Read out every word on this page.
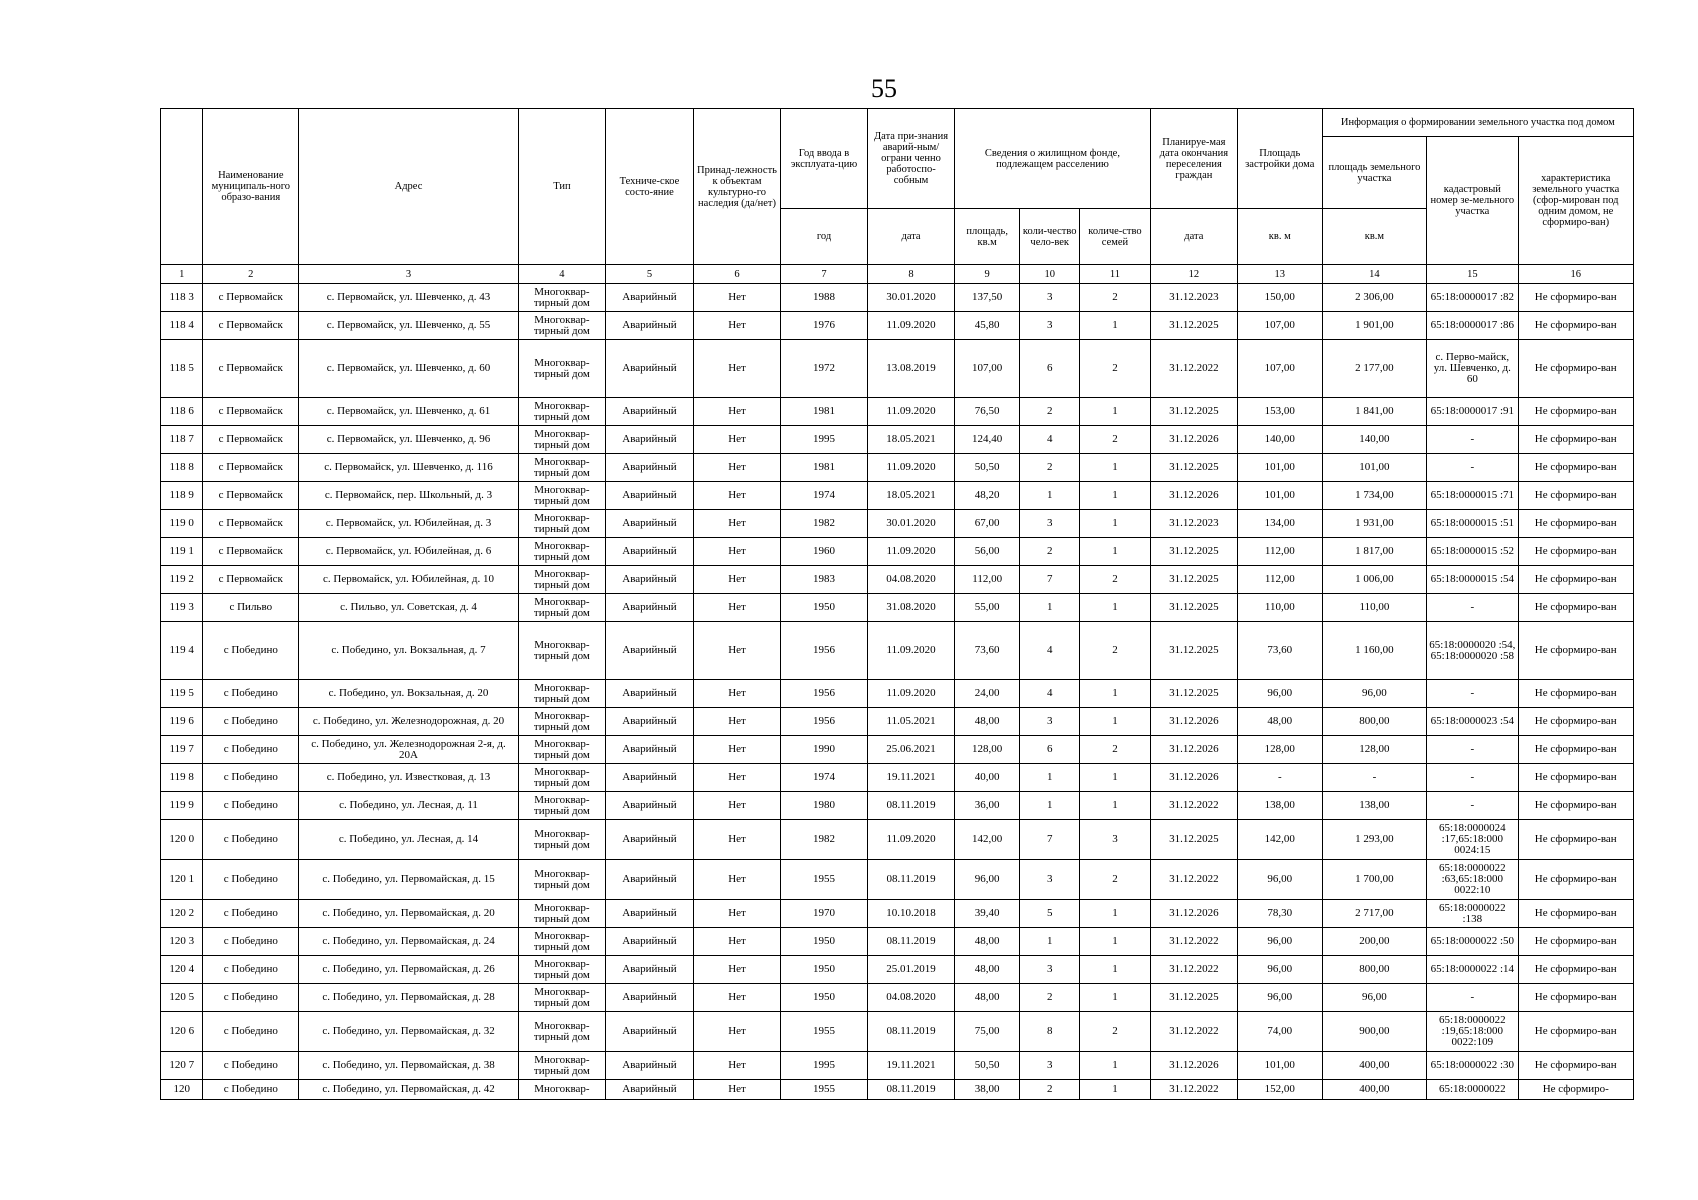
55
	Наименование муниципаль-ного образо-вания	Адрес	Тип	Техниче-ское состо-яние	Принад-лежность к объектам культурно-го наследия (да/нет)	Год ввода в эксплуата-цию	Дата при-знания аварий-ным/ограни ченно работоспо-собным	Сведения о жилищном фонде, подлежащем расселению			Планируе-мая дата окончания переселения граждан	Площадь застройки дома	Информация о формировании земельного участка под домом		
													площадь земельного участка	кадастровый номер зе-мельного участка	характеристика земельного участка (сфор-мирован под одним домом, не сформиро-ван)
						год	дата	площадь, кв.м	коли-чество чело-век	количе-ство семей	дата	кв. м	кв.м		
1	2	3	4	5	6	7	8	9	10	11	12	13	14	15	16
118 3	с Первомайск	с. Первомайск, ул. Шевченко, д. 43	Многоквар-тирный дом	Аварийный	Нет	1988	30.01.2020	137,50	3	2	31.12.2023	150,00	2 306,00	65:18:0000017 :82	Не сформиро-ван
118 4	с Первомайск	с. Первомайск, ул. Шевченко, д. 55	Многоквар-тирный дом	Аварийный	Нет	1976	11.09.2020	45,80	3	1	31.12.2025	107,00	1 901,00	65:18:0000017 :86	Не сформиро-ван
118 5	с Первомайск	с. Первомайск, ул. Шевченко, д. 60	Многоквар-тирный дом	Аварийный	Нет	1972	13.08.2019	107,00	6	2	31.12.2022	107,00	2 177,00	с. Перво-майск, ул. Шевченко, д. 60	Не сформиро-ван
118 6	с Первомайск	с. Первомайск, ул. Шевченко, д. 61	Многоквар-тирный дом	Аварийный	Нет	1981	11.09.2020	76,50	2	1	31.12.2025	153,00	1 841,00	65:18:0000017 :91	Не сформиро-ван
118 7	с Первомайск	с. Первомайск, ул. Шевченко, д. 96	Многоквар-тирный дом	Аварийный	Нет	1995	18.05.2021	124,40	4	2	31.12.2026	140,00	140,00	-	Не сформиро-ван
118 8	с Первомайск	с. Первомайск, ул. Шевченко, д. 116	Многоквар-тирный дом	Аварийный	Нет	1981	11.09.2020	50,50	2	1	31.12.2025	101,00	101,00	-	Не сформиро-ван
118 9	с Первомайск	с. Первомайск, пер. Школьный, д. 3	Многоквар-тирный дом	Аварийный	Нет	1974	18.05.2021	48,20	1	1	31.12.2026	101,00	1 734,00	65:18:0000015 :71	Не сформиро-ван
119 0	с Первомайск	с. Первомайск, ул. Юбилейная, д. 3	Многоквар-тирный дом	Аварийный	Нет	1982	30.01.2020	67,00	3	1	31.12.2023	134,00	1 931,00	65:18:0000015 :51	Не сформиро-ван
119 1	с Первомайск	с. Первомайск, ул. Юбилейная, д. 6	Многоквар-тирный дом	Аварийный	Нет	1960	11.09.2020	56,00	2	1	31.12.2025	112,00	1 817,00	65:18:0000015 :52	Не сформиро-ван
119 2	с Первомайск	с. Первомайск, ул. Юбилейная, д. 10	Многоквар-тирный дом	Аварийный	Нет	1983	04.08.2020	112,00	7	2	31.12.2025	112,00	1 006,00	65:18:0000015 :54	Не сформиро-ван
119 3	с Пильво	с. Пильво, ул. Советская, д. 4	Многоквар-тирный дом	Аварийный	Нет	1950	31.08.2020	55,00	1	1	31.12.2025	110,00	110,00	-	Не сформиро-ван
119 4	с Победино	с. Победино, ул. Вокзальная, д. 7	Многоквар-тирный дом	Аварийный	Нет	1956	11.09.2020	73,60	4	2	31.12.2025	73,60	1 160,00	65:18:0000020 :54, 65:18:0000020 :58	Не сформиро-ван
119 5	с Победино	с. Победино, ул. Вокзальная, д. 20	Многоквар-тирный дом	Аварийный	Нет	1956	11.09.2020	24,00	4	1	31.12.2025	96,00	96,00	-	Не сформиро-ван
119 6	с Победино	с. Победино, ул. Железнодорожная, д. 20	Многоквар-тирный дом	Аварийный	Нет	1956	11.05.2021	48,00	3	1	31.12.2026	48,00	800,00	65:18:0000023 :54	Не сформиро-ван
119 7	с Победино	с. Победино, ул. Железнодорожная 2-я, д. 20А	Многоквар-тирный дом	Аварийный	Нет	1990	25.06.2021	128,00	6	2	31.12.2026	128,00	128,00	-	Не сформиро-ван
119 8	с Победино	с. Победино, ул. Известковая, д. 13	Многоквар-тирный дом	Аварийный	Нет	1974	19.11.2021	40,00	1	1	31.12.2026	-	-	-	Не сформиро-ван
119 9	с Победино	с. Победино, ул. Лесная, д. 11	Многоквар-тирный дом	Аварийный	Нет	1980	08.11.2019	36,00	1	1	31.12.2022	138,00	138,00	-	Не сформиро-ван
120 0	с Победино	с. Победино, ул. Лесная, д. 14	Многоквар-тирный дом	Аварийный	Нет	1982	11.09.2020	142,00	7	3	31.12.2025	142,00	1 293,00	65:18:0000024 :17,65:18:000 0024:15	Не сформиро-ван
120 1	с Победино	с. Победино, ул. Первомайская, д. 15	Многоквар-тирный дом	Аварийный	Нет	1955	08.11.2019	96,00	3	2	31.12.2022	96,00	1 700,00	65:18:0000022 :63,65:18:000 0022:10	Не сформиро-ван
120 2	с Победино	с. Победино, ул. Первомайская, д. 20	Многоквар-тирный дом	Аварийный	Нет	1970	10.10.2018	39,40	5	1	31.12.2026	78,30	2 717,00	65:18:0000022 :138	Не сформиро-ван
120 3	с Победино	с. Победино, ул. Первомайская, д. 24	Многоквар-тирный дом	Аварийный	Нет	1950	08.11.2019	48,00	1	1	31.12.2022	96,00	200,00	65:18:0000022 :50	Не сформиро-ван
120 4	с Победино	с. Победино, ул. Первомайская, д. 26	Многоквар-тирный дом	Аварийный	Нет	1950	25.01.2019	48,00	3	1	31.12.2022	96,00	800,00	65:18:0000022 :14	Не сформиро-ван
120 5	с Победино	с. Победино, ул. Первомайская, д. 28	Многоквар-тирный дом	Аварийный	Нет	1950	04.08.2020	48,00	2	1	31.12.2025	96,00	96,00	-	Не сформиро-ван
120 6	с Победино	с. Победино, ул. Первомайская, д. 32	Многоквар-тирный дом	Аварийный	Нет	1955	08.11.2019	75,00	8	2	31.12.2022	74,00	900,00	65:18:0000022 :19,65:18:000 0022:109	Не сформиро-ван
120 7	с Победино	с. Победино, ул. Первомайская, д. 38	Многоквар-тирный дом	Аварийный	Нет	1995	19.11.2021	50,50	3	1	31.12.2026	101,00	400,00	65:18:0000022 :30	Не сформиро-ван
120	с Победино	с. Победино, ул. Первомайская, д. 42	Многоквар-	Аварийный	Нет	1955	08.11.2019	38,00	2	1	31.12.2022	152,00	400,00	65:18:0000022	Не сформиро-
